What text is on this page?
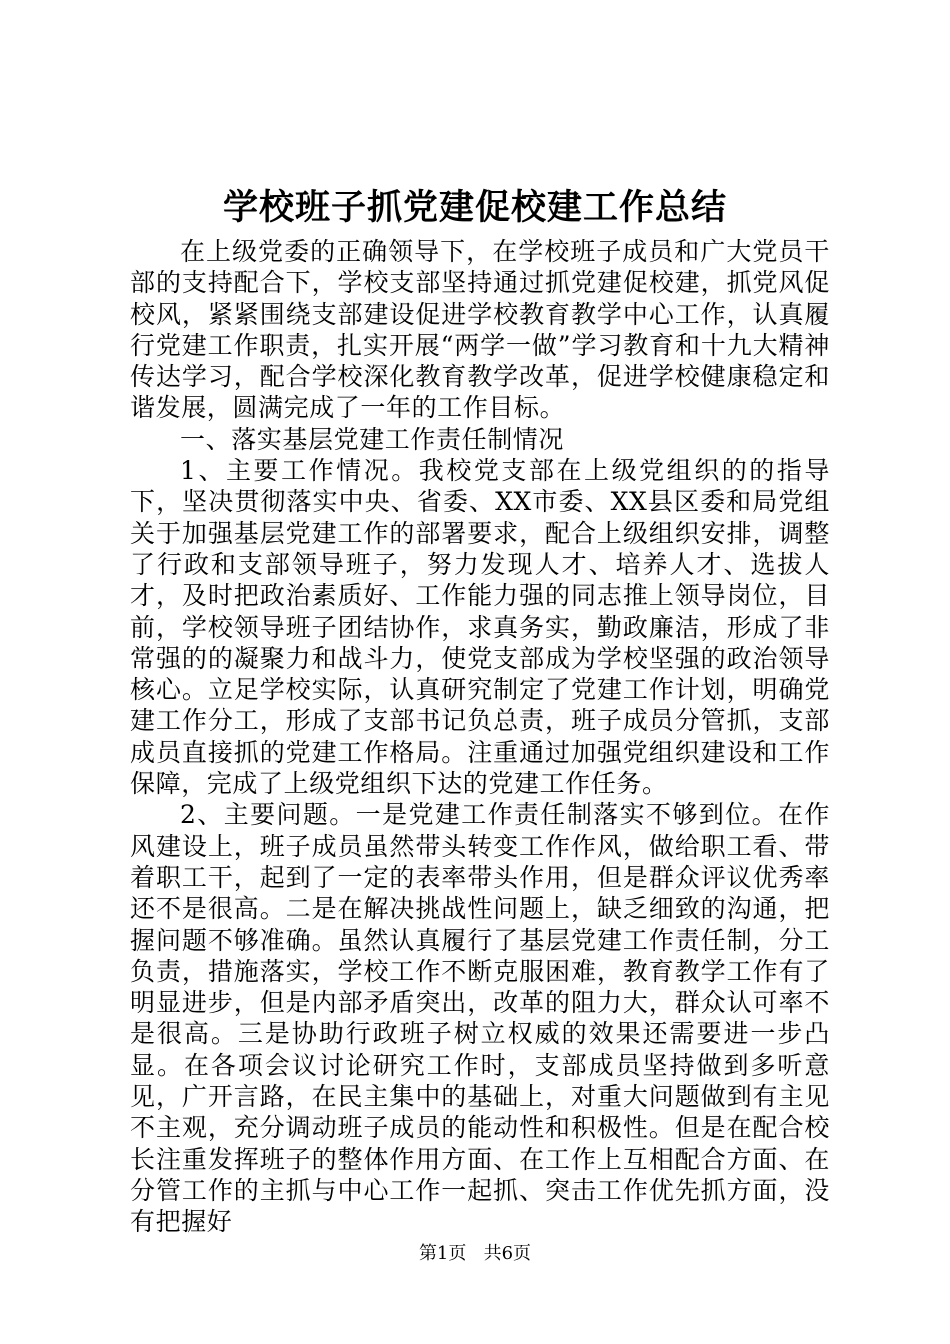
学校班子抓党建促校建工作总结

在上级党委的正确领导下，在学校班子成员和广大党员干部的支持配合下，学校支部坚持通过抓党建促校建，抓党风促校风，紧紧围绕支部建设促进学校教育教学中心工作，认真履行党建工作职责，扎实开展“两学一做”学习教育和十九大精神传达学习，配合学校深化教育教学改革，促进学校健康稳定和谐发展，圆满完成了一年的工作目标。

一、落实基层党建工作责任制情况

1、主要工作情况。我校党支部在上级党组织的的指导下，坚决贯彻落实中央、省委、XX市委、XX县区委和局党组关于加强基层党建工作的部署要求，配合上级组织安排，调整了行政和支部领导班子，努力发现人才、培养人才、选拔人才，及时把政治素质好、工作能力强的同志推上领导岗位，目前，学校领导班子团结协作，求真务实，勤政廉洁，形成了非常强的的凝聚力和战斗力，使党支部成为学校坚强的政治领导核心。立足学校实际，认真研究制定了党建工作计划，明确党建工作分工，形成了支部书记负总责，班子成员分管抓，支部成员直接抓的党建工作格局。注重通过加强党组织建设和工作保障，完成了上级党组织下达的党建工作任务。

2、主要问题。一是党建工作责任制落实不够到位。在作风建设上，班子成员虽然带头转变工作作风，做给职工看、带着职工干，起到了一定的表率带头作用，但是群众评议优秀率还不是很高。二是在解决挑战性问题上，缺乏细致的沟通，把握问题不够准确。虽然认真履行了基层党建工作责任制，分工负责，措施落实，学校工作不断克服困难，教育教学工作有了明显进步，但是内部矛盾突出，改革的阻力大，群众认可率不是很高。三是协助行政班子树立权威的效果还需要进一步凸显。在各项会议讨论研究工作时，支部成员坚持做到多听意见，广开言路，在民主集中的基础上，对重大问题做到有主见不主观，充分调动班子成员的能动性和积极性。但是在配合校长注重发挥班子的整体作用方面、在工作上互相配合方面、在分管工作的主抓与中心工作一起抓、突击工作优先抓方面，没有把握好

第1页 共6页
